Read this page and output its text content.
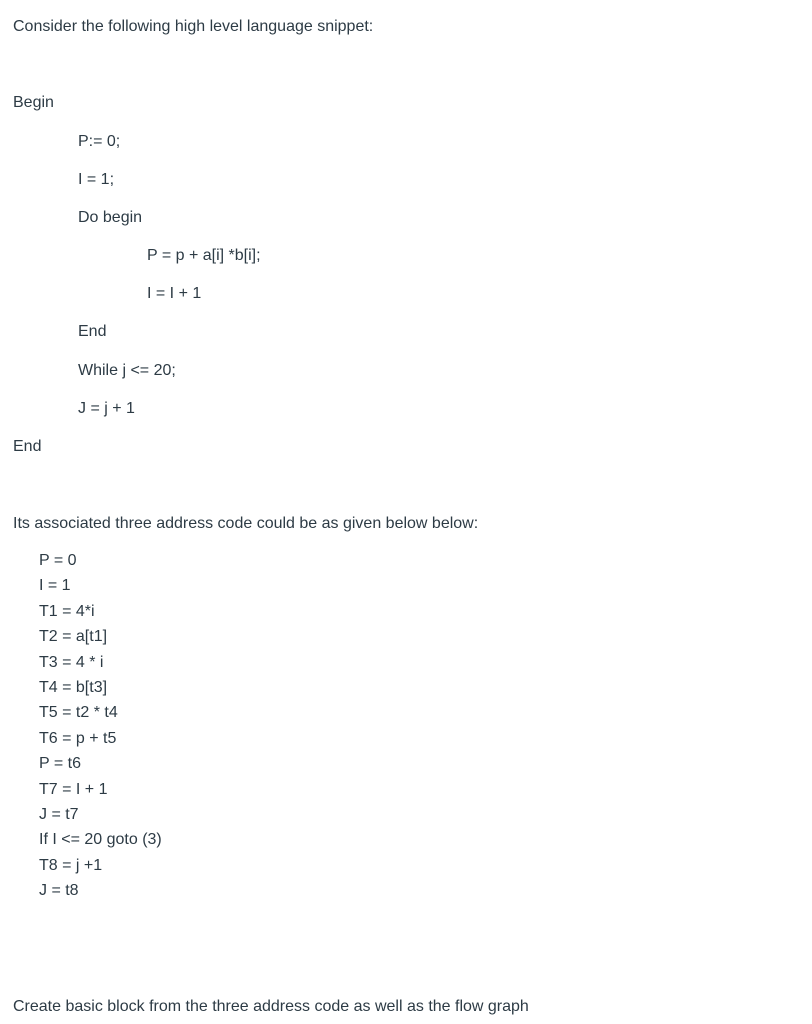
Consider the following high level language snippet:
Begin
P:= 0;
I = 1;
Do begin
P = p + a[i] *b[i];
I = I + 1
End
While j <= 20;
J = j + 1
End
Its associated three address code could be as given below below:
P = 0
I = 1
T1 = 4*i
T2 = a[t1]
T3 = 4 * i
T4 = b[t3]
T5 = t2 * t4
T6 = p + t5
P = t6
T7 = I + 1
J = t7
If I <= 20 goto (3)
T8 = j +1
J = t8
Create basic block from the three address code as well as the flow graph
